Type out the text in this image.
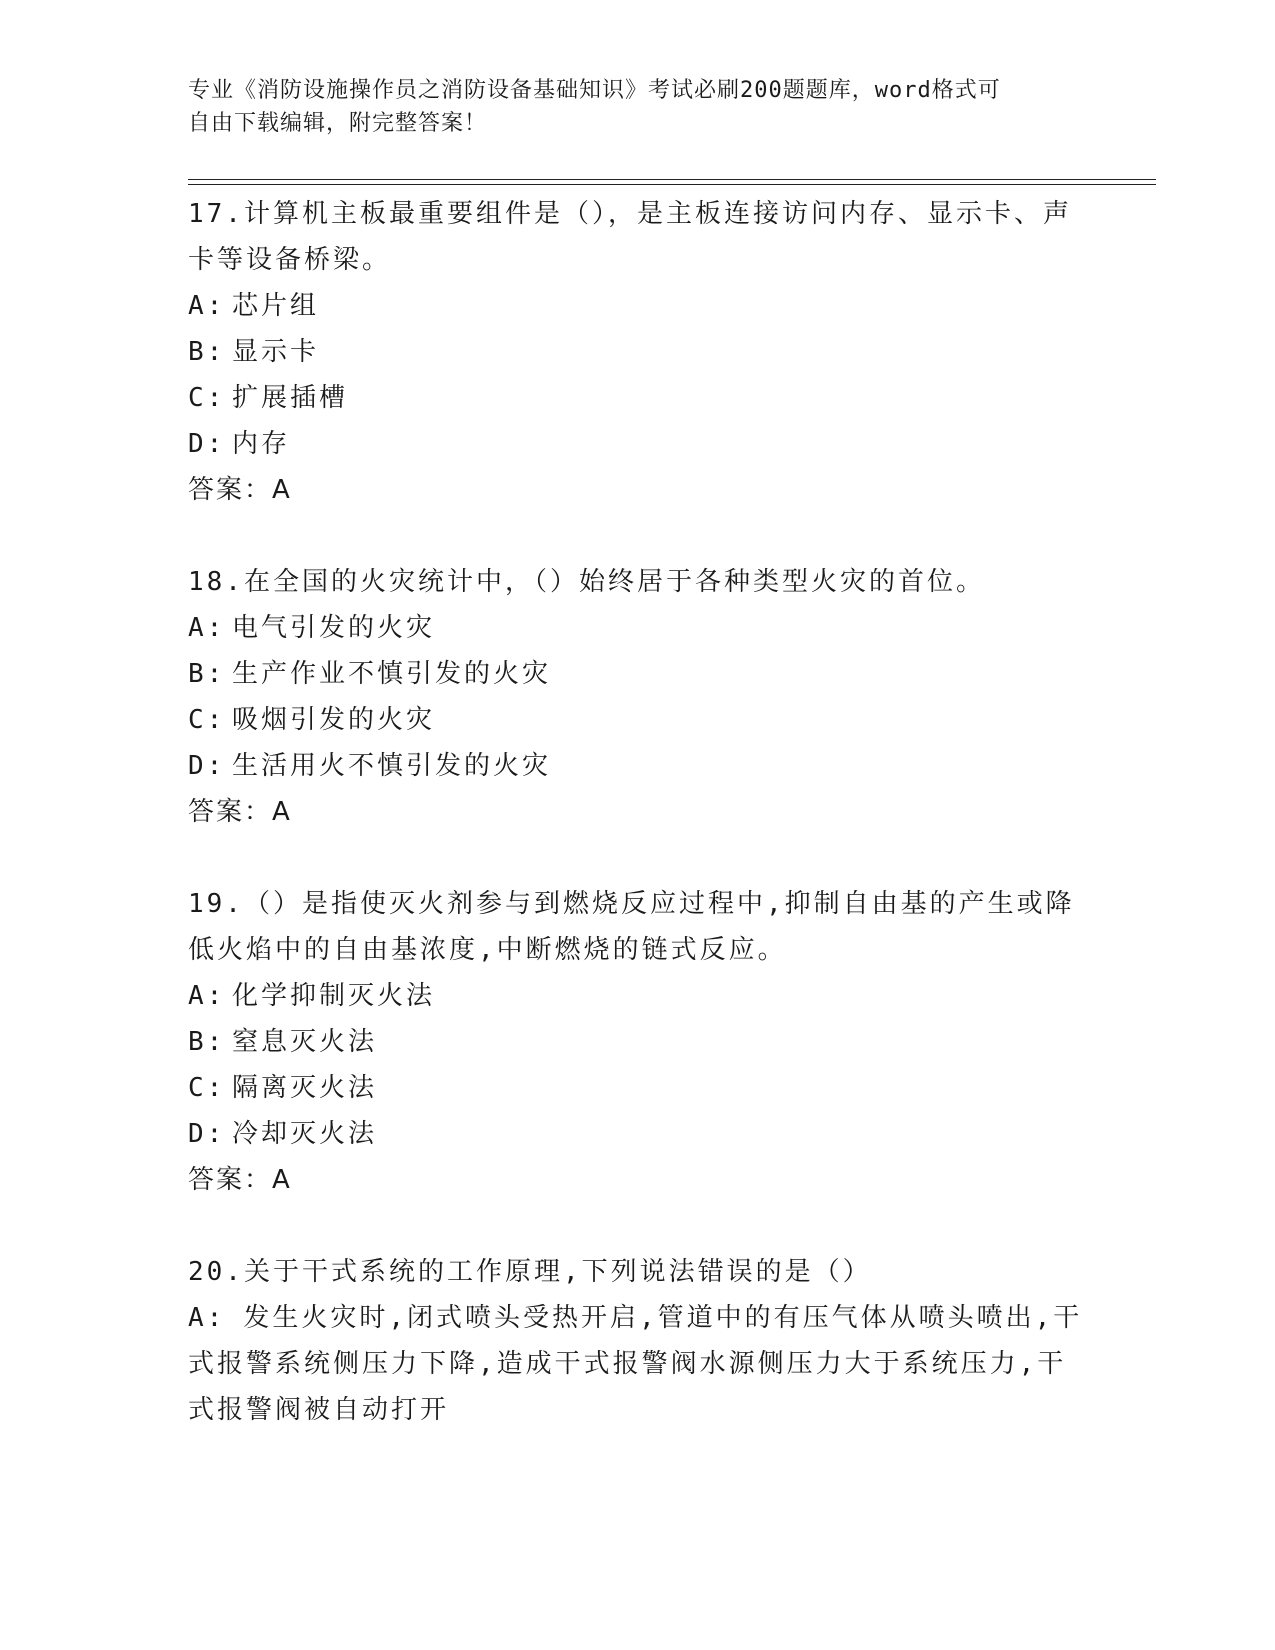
专业《消防设施操作员之消防设备基础知识》考试必刷200题题库，word格式可
自由下载编辑，附完整答案！

17.计算机主板最重要组件是（），是主板连接访问内存、显示卡、声卡等设备桥梁。

A: 芯片组

B: 显示卡

C: 扩展插槽

D: 内存

答案：A

18.在全国的火灾统计中，（）始终居于各种类型火灾的首位。

A: 电气引发的火灾

B: 生产作业不慎引发的火灾

C: 吸烟引发的火灾

D: 生活用火不慎引发的火灾

答案：A

19.（）是指使灭火剂参与到燃烧反应过程中,抑制自由基的产生或降低火焰中的自由基浓度,中断燃烧的链式反应。

A: 化学抑制灭火法

B: 窒息灭火法

C: 隔离灭火法

D: 冷却灭火法

答案：A

20.关于干式系统的工作原理,下列说法错误的是（）

A: 发生火灾时,闭式喷头受热开启,管道中的有压气体从喷头喷出,干式报警系统侧压力下降,造成干式报警阀水源侧压力大于系统压力,干式报警阀被自动打开
